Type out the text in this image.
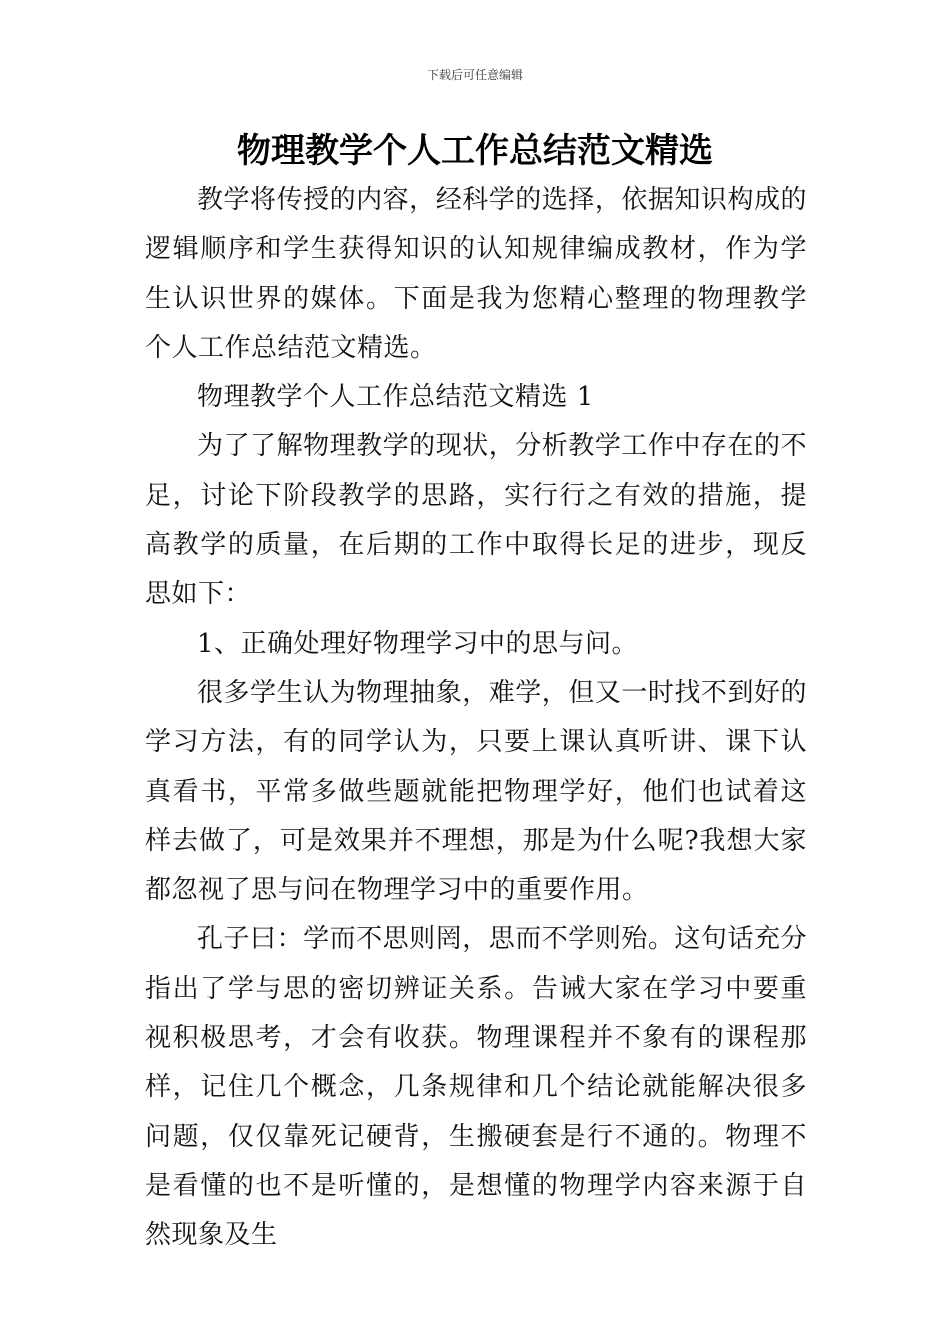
下载后可任意编辑
物理教学个人工作总结范文精选

教学将传授的内容，经科学的选择，依据知识构成的逻辑顺序和学生获得知识的认知规律编成教材，作为学生认识世界的媒体。下面是我为您精心整理的物理教学个人工作总结范文精选。

物理教学个人工作总结范文精选 1

为了了解物理教学的现状，分析教学工作中存在的不足，讨论下阶段教学的思路，实行行之有效的措施，提高教学的质量，在后期的工作中取得长足的进步，现反思如下：

1、正确处理好物理学习中的思与问。

很多学生认为物理抽象，难学，但又一时找不到好的学习方法，有的同学认为，只要上课认真听讲、课下认真看书，平常多做些题就能把物理学好，他们也试着这样去做了，可是效果并不理想，那是为什么呢?我想大家都忽视了思与问在物理学习中的重要作用。

孔子曰：学而不思则罔，思而不学则殆。这句话充分指出了学与思的密切辨证关系。告诫大家在学习中要重视积极思考，才会有收获。物理课程并不象有的课程那样，记住几个概念，几条规律和几个结论就能解决很多问题，仅仅靠死记硬背，生搬硬套是行不通的。物理不是看懂的也不是听懂的，是想懂的物理学内容来源于自然现象及生
